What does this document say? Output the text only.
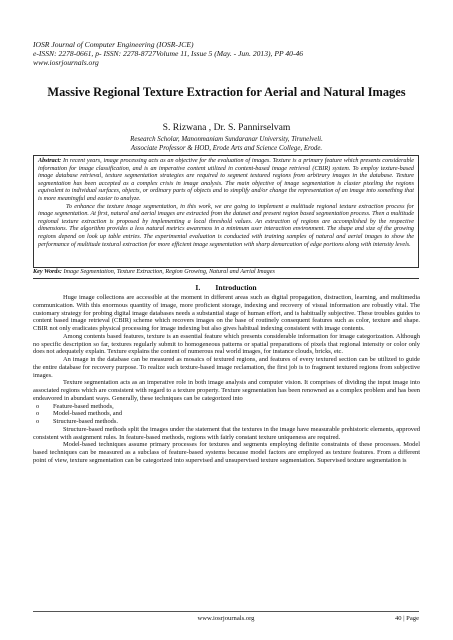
IOSR Journal of Computer Engineering (IOSR-JCE)
e-ISSN: 2278-0661, p- ISSN: 2278-8727Volume 11, Issue 5 (May. - Jun. 2013), PP 40-46
www.iosrjournals.org
Massive Regional Texture Extraction for Aerial and Natural Images
S. Rizwana , Dr. S. Pannirselvam
Research Scholar, Manonmaniam Sundaranar University, Tirunelveli.
Associate Professor & HOD, Erode Arts and Science College, Erode.

Abstract: In recent years, image processing acts as an objective for the evaluation of images. Texture is a primary feature which presents considerable information for image classification, and is an imperative content utilized in content-based image retrieval (CBIR) system. To employ texture-based image database retrieval, texture segmentation strategies are required to segment textured regions from arbitrary images in the database. Texture segmentation has been accepted as a complex crisis in image analysis. The main objective of image segmentation is cluster pixeling the regions equivalent to individual surfaces, objects, or ordinary parts of objects and to simplify and/or change the representation of an image into something that is more meaningful and easier to analyze.

To enhance the texture image segmentation, in this work, we are going to implement a multitude regional texture extraction process for image segmentation. At first, natural and aerial images are extracted from the dataset and present region based segmentation process. Then a multitude regional texture extraction is proposed by implementing a local threshold values. An extraction of regions are accomplished by the respective dimensions. The algorithm provides a less natural metrics awareness in a minimum user interaction environment. The shape and size of the growing regions depend on look up table entries. The experimental evaluation is conducted with training samples of natural and aerial images to show the performance of multitude textural extraction for more efficient image segmentation with sharp demarcation of edge portions along with intensity levels.

Key Words: Image Segmentation, Texture Extraction, Region Growing, Natural and Aerial Images
I.        Introduction

Huge image collections are accessible at the moment in different areas such as digital propagation, distraction, learning, and multimedia communication. With this enormous quantity of image, more proficient storage, indexing and recovery of visual information are robustly vital. The customary strategy for probing digital image databases needs a substantial stage of human effort, and is habitually subjective. These troubles guides to content based image retrieval (CBIR) scheme which recovers images on the base of routinely consequent features such as color, texture and shape. CBIR not only eradicates physical processing for image indexing but also gives habitual indexing consistent with image contents.

Among contents based features, texture is an essential feature which presents considerable information for image categorization. Although no specific description so far, textures regularly submit to homogeneous patterns or spatial preparations of pixels that regional intensity or color only does not adequately explain. Texture explains the content of numerous real world images, for instance clouds, bricks, etc.

An image in the database can be measured as mosaics of textured regions, and features of every textured section can be utilized to guide the entire database for recovery purpose. To realize such texture-based image reclamation, the first job is to fragment textured regions from subjective images.

Texture segmentation acts as an imperative role in both image analysis and computer vision. It comprises of dividing the input image into associated regions which are consistent with regard to a texture property. Texture segmentation has been renowned as a complex problem and has been endeavored in abundant ways. Generally, these techniques can be categorized into

o Feature-based methods,
o Model-based methods, and
o Structure-based methods.

Structure-based methods split the images under the statement that the textures in the image have measurable prehistoric elements, approved consistent with assignment rules. In feature-based methods, regions with fairly constant texture uniqueness are required.

Model-based techniques assume primary processes for textures and segments employing definite constraints of these processes. Model based techniques can be measured as a subclass of feature-based systems because model factors are employed as texture features. From a different point of view, texture segmentation can be categorized into supervised and unsupervised texture segmentation. Supervised texture segmentation is

www.iosrjournals.org	40 | Page
